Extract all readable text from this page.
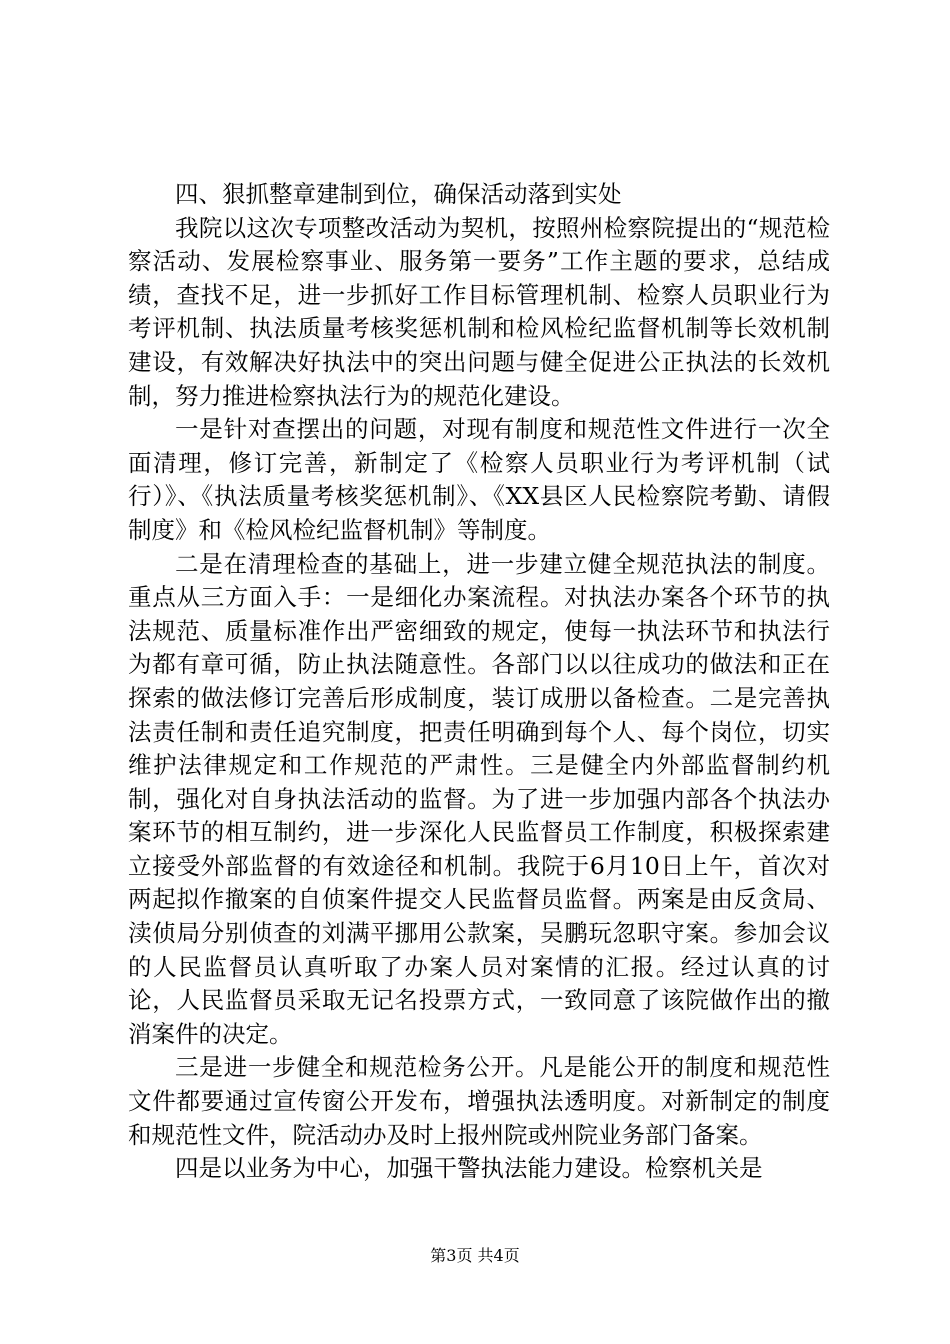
四、狠抓整章建制到位，确保活动落到实处

我院以这次专项整改活动为契机，按照州检察院提出的“规范检察活动、发展检察事业、服务第一要务”工作主题的要求，总结成绩，查找不足，进一步抓好工作目标管理机制、检察人员职业行为考评机制、执法质量考核奖惩机制和检风检纪监督机制等长效机制建设，有效解决好执法中的突出问题与健全促进公正执法的长效机制，努力推进检察执法行为的规范化建设。

一是针对查摆出的问题，对现有制度和规范性文件进行一次全面清理，修订完善，新制定了《检察人员职业行为考评机制（试行）》、《执法质量考核奖惩机制》、《XX县区人民检察院考勤、请假制度》和《检风检纪监督机制》等制度。

二是在清理检查的基础上，进一步建立健全规范执法的制度。重点从三方面入手：一是细化办案流程。对执法办案各个环节的执法规范、质量标准作出严密细致的规定，使每一执法环节和执法行为都有章可循，防止执法随意性。各部门以以往成功的做法和正在探索的做法修订完善后形成制度，装订成册以备检查。二是完善执法责任制和责任追究制度，把责任明确到每个人、每个岗位，切实维护法律规定和工作规范的严肃性。三是健全内外部监督制约机制，强化对自身执法活动的监督。为了进一步加强内部各个执法办案环节的相互制约，进一步深化人民监督员工作制度，积极探索建立接受外部监督的有效途径和机制。我院于6月10日上午，首次对两起拟作撤案的自侦案件提交人民监督员监督。两案是由反贪局、渎侦局分别侦查的刘满平挪用公款案，吴鹏玩忽职守案。参加会议的人民监督员认真听取了办案人员对案情的汇报。经过认真的讨论，人民监督员采取无记名投票方式，一致同意了该院做作出的撤消案件的决定。

三是进一步健全和规范检务公开。凡是能公开的制度和规范性文件都要通过宣传窗公开发布，增强执法透明度。对新制定的制度和规范性文件，院活动办及时上报州院或州院业务部门备案。

四是以业务为中心，加强干警执法能力建设。检察机关是

第3页 共4页
